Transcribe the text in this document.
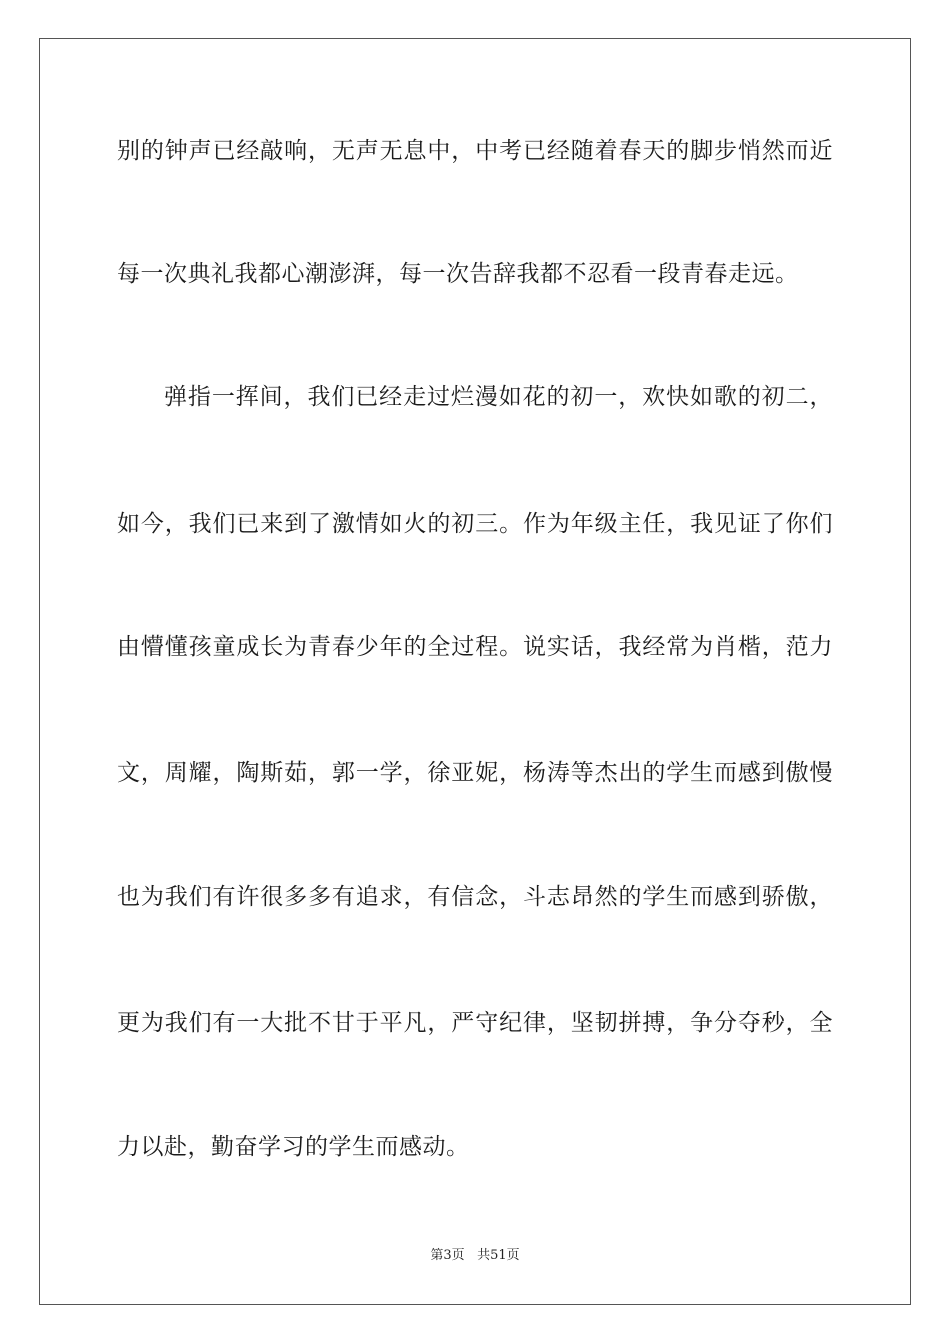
别的钟声已经敲响，无声无息中，中考已经随着春天的脚步悄然而近
每一次典礼我都心潮澎湃，每一次告辞我都不忍看一段青春走远。
弹指一挥间，我们已经走过烂漫如花的初一，欢快如歌的初二，
如今，我们已来到了激情如火的初三。作为年级主任，我见证了你们
由懵懂孩童成长为青春少年的全过程。说实话，我经常为肖楷，范力
文，周耀，陶斯茹，郭一学，徐亚妮，杨涛等杰出的学生而感到傲慢
也为我们有许很多多有追求，有信念，斗志昂然的学生而感到骄傲，
更为我们有一大批不甘于平凡，严守纪律，坚韧拼搏，争分夺秒，全
力以赴，勤奋学习的学生而感动。
第3页 共51页
